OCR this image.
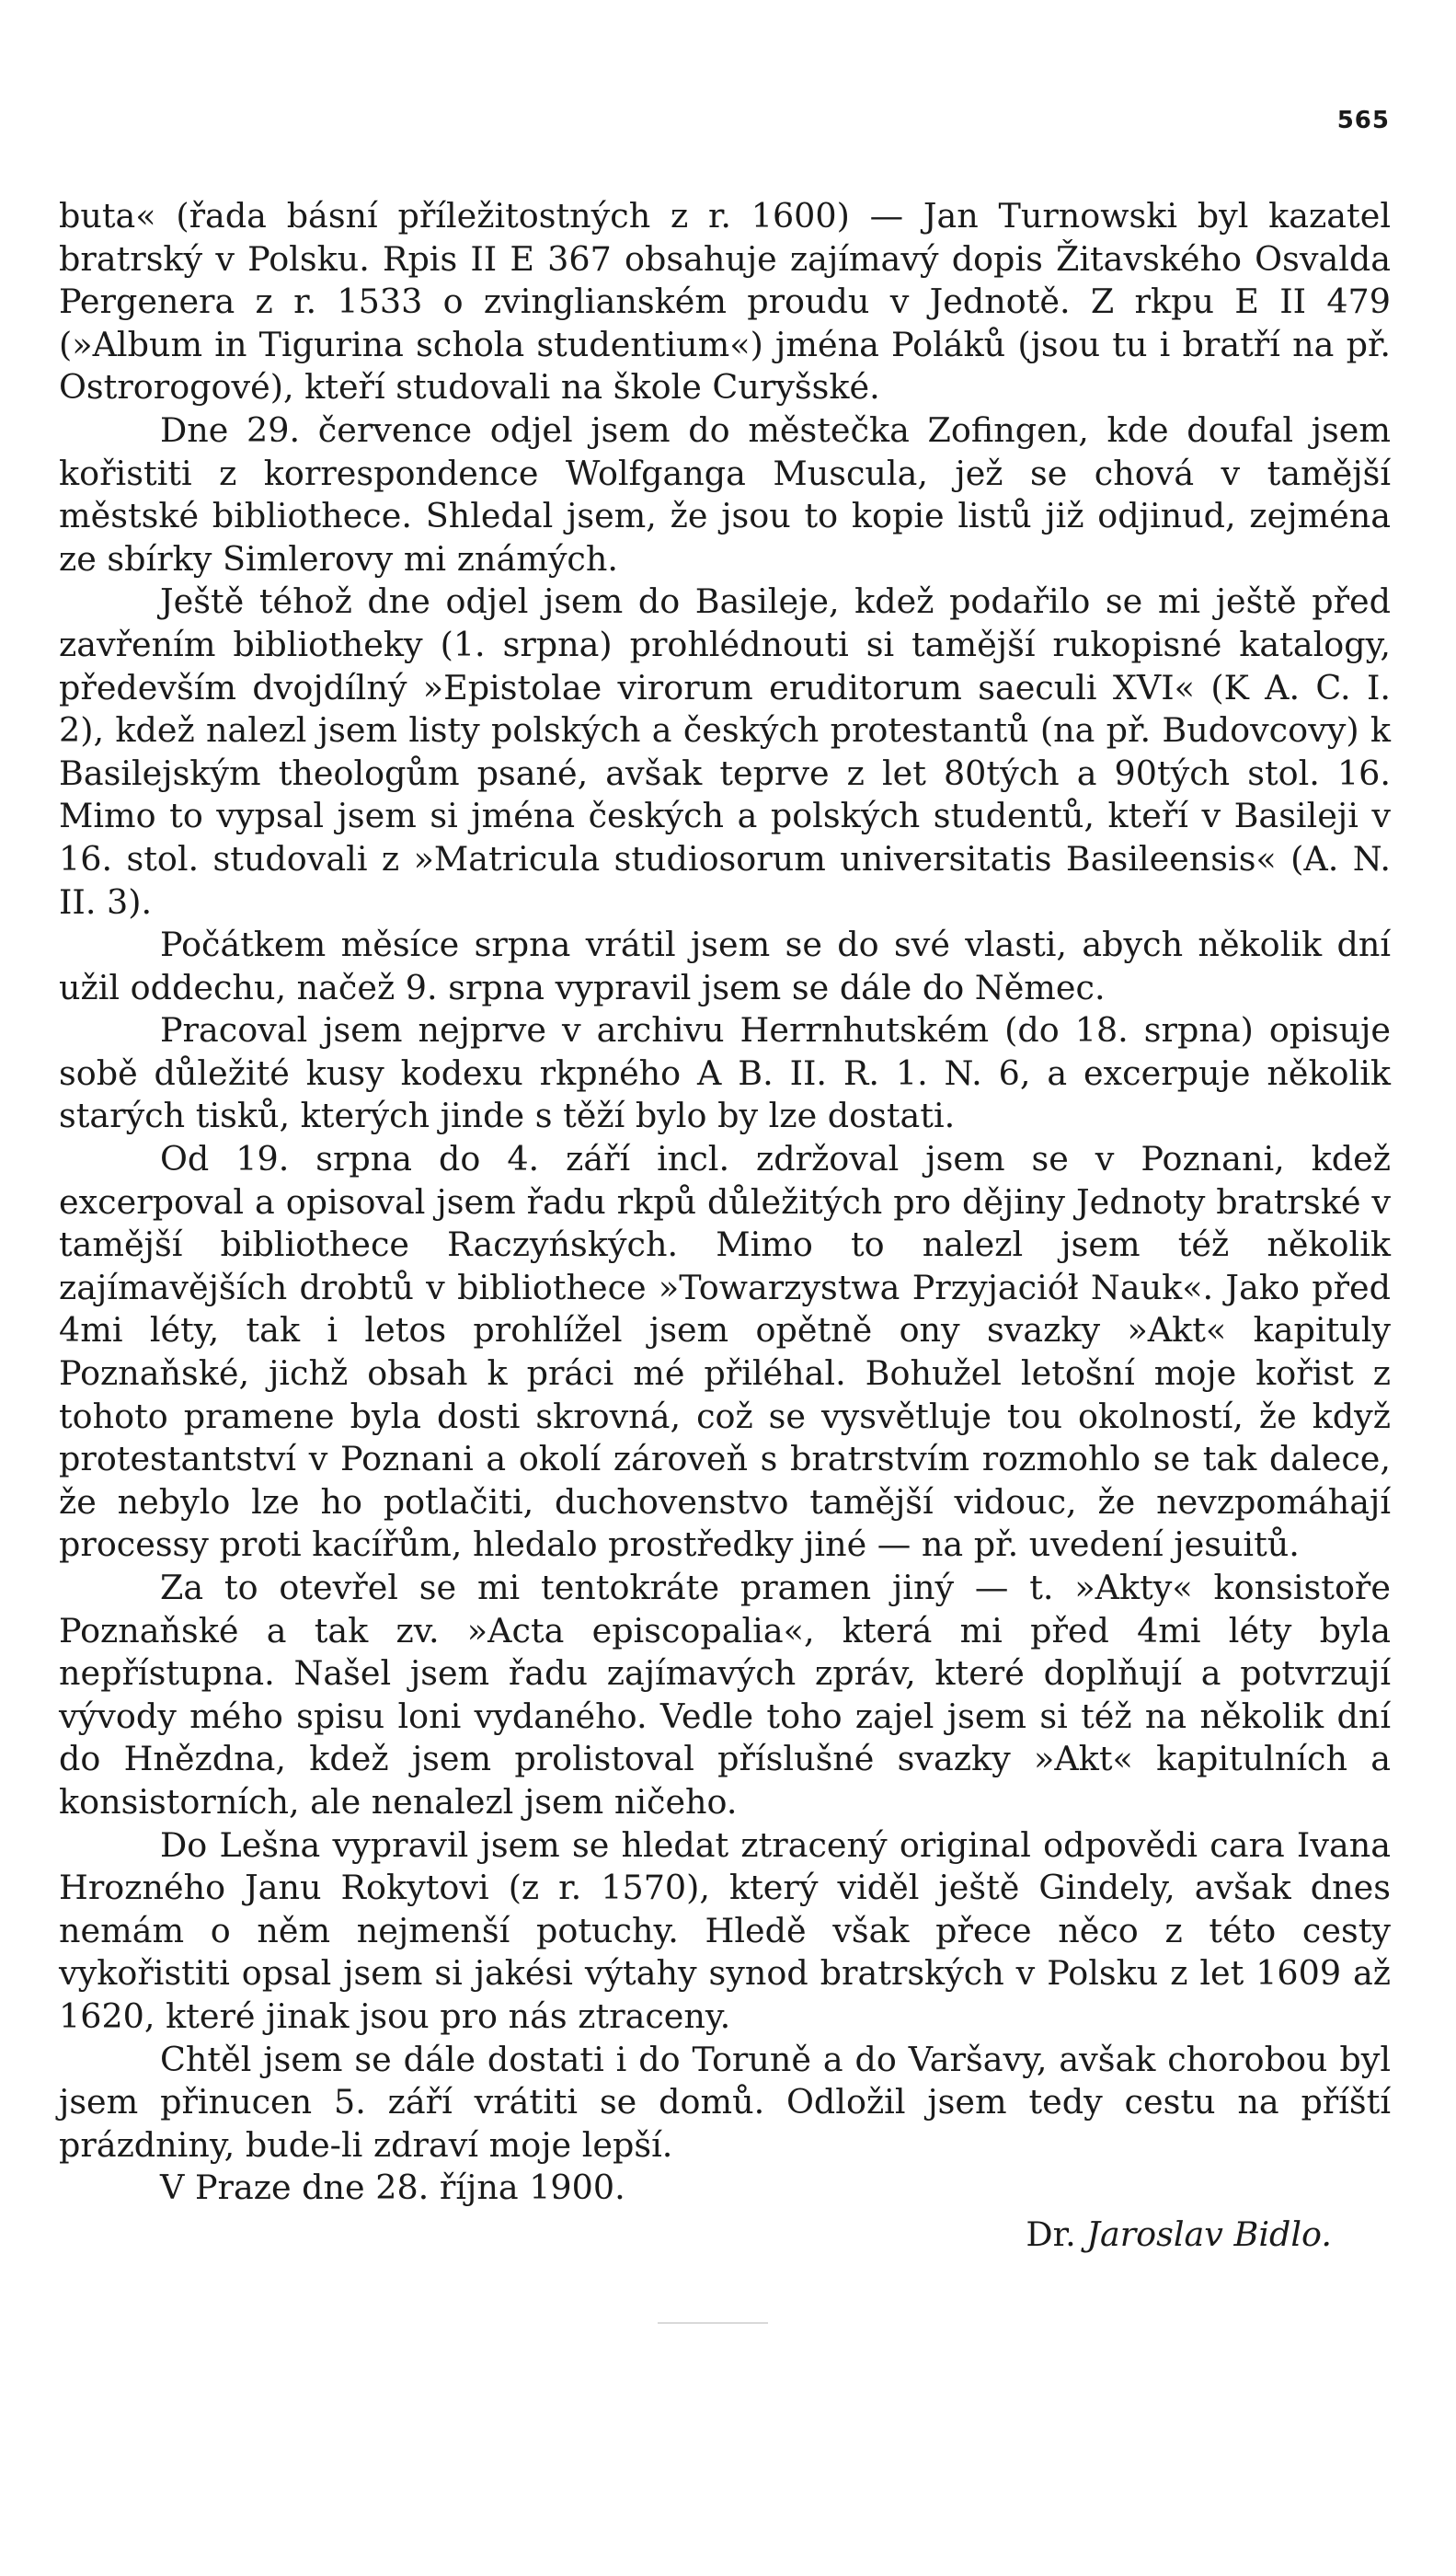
565

buta« (řada básní příležitostných z r. 1600) — Jan Turnowski byl kazatel bratrský v Polsku. Rpis II E 367 obsahuje zajímavý dopis Žitavského Osvalda Pergenera z r. 1533 o zvinglianském proudu v Jednotě. Z rkpu E II 479 (»Album in Tigurina schola studentium«) jména Poláků (jsou tu i bratří na př. Ostrorogové), kteří studovali na škole Curyšské.

Dne 29. července odjel jsem do městečka Zofingen, kde doufal jsem kořistiti z korrespondence Wolfganga Muscula, jež se chová v tamější městské bibliothece. Shledal jsem, že jsou to kopie listů již odjinud, zejména ze sbírky Simlerovy mi známých.

Ještě téhož dne odjel jsem do Basileje, kdež podařilo se mi ještě před zavřením bibliotheky (1. srpna) prohlédnouti si tamější rukopisné katalogy, především dvojdílný »Epistolae virorum eruditorum saeculi XVI« (K A. C. I. 2), kdež nalezl jsem listy polských a českých protestantů (na př. Budovcovy) k Basilejským theologům psané, avšak teprve z let 80tých a 90tých stol. 16. Mimo to vypsal jsem si jména českých a polských studentů, kteří v Basileji v 16. stol. studovali z »Matricula studiosorum universitatis Basileensis« (A. N. II. 3).

Počátkem měsíce srpna vrátil jsem se do své vlasti, abych několik dní užil oddechu, načež 9. srpna vypravil jsem se dále do Němec.

Pracoval jsem nejprve v archivu Herrnhutském (do 18. srpna) opisuje sobě důležité kusy kodexu rkpného A B. II. R. 1. N. 6, a excerpuje několik starých tisků, kterých jinde s těží bylo by lze dostati.

Od 19. srpna do 4. září incl. zdržoval jsem se v Poznani, kdež excerpoval a opisoval jsem řadu rkpů důležitých pro dějiny Jednoty bratrské v tamější bibliothece Raczyńských. Mimo to nalezl jsem též několik zajímavějších drobtů v bibliothece »Towarzystwa Przyjaciół Nauk«. Jako před 4mi léty, tak i letos prohlížel jsem opětně ony svazky »Akt« kapituly Poznaňské, jichž obsah k práci mé přiléhal. Bohužel letošní moje kořist z tohoto pramene byla dosti skrovná, což se vysvětluje tou okolností, že když protestantství v Poznani a okolí zároveň s bratrstvím rozmohlo se tak dalece, že nebylo lze ho potlačiti, duchovenstvo tamější vidouc, že nevzpomáhají processy proti kacířům, hledalo prostředky jiné — na př. uvedení jesuitů.

Za to otevřel se mi tentokráte pramen jiný — t. »Akty« konsistoře Poznaňské a tak zv. »Acta episcopalia«, která mi před 4mi léty byla nepřístupna. Našel jsem řadu zajímavých zpráv, které doplňují a potvrzují vývody mého spisu loni vydaného. Vedle toho zajel jsem si též na několik dní do Hnězdna, kdež jsem prolistoval příslušné svazky »Akt« kapitulních a konsistorních, ale nenalezl jsem ničeho.

Do Lešna vypravil jsem se hledat ztracený original odpovědi cara Ivana Hrozného Janu Rokytovi (z r. 1570), který viděl ještě Gindely, avšak dnes nemám o něm nejmenší potuchy. Hledě však přece něco z této cesty vykořistiti opsal jsem si jakési výtahy synod bratrských v Polsku z let 1609 až 1620, které jinak jsou pro nás ztraceny.

Chtěl jsem se dále dostati i do Toruně a do Varšavy, avšak chorobou byl jsem přinucen 5. září vrátiti se domů. Odložil jsem tedy cestu na příští prázdniny, bude-li zdraví moje lepší.

V Praze dne 28. října 1900.

Dr. Jaroslav Bidlo.
